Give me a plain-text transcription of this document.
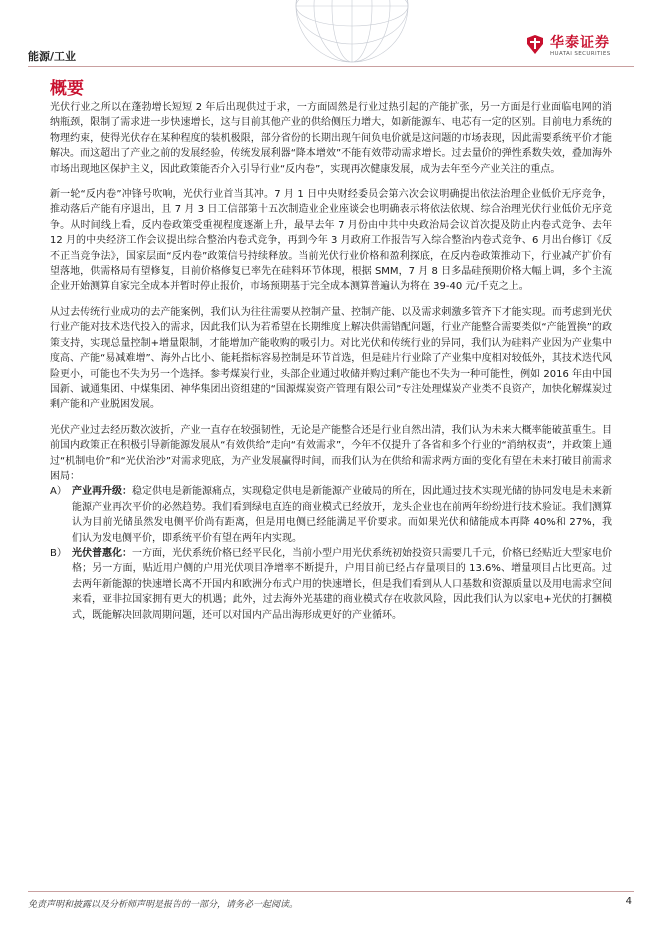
能源/工业
华泰证券
HUATAI SECURITIES
概要

光伏行业之所以在蓬勃增长短短 2 年后出现供过于求，一方面固然是行业过热引起的产能扩张，另一方面是行业面临电网的消纳瓶颈，限制了需求进一步快速增长，这与目前其他产业的供给侧压力增大，如新能源车、电芯有一定的区别。目前电力系统的物理约束，使得光伏存在某种程度的装机极限，部分省份的长期出现午间负电价就是这问题的市场表现，因此需要系统平价才能解决。而这超出了产业之前的发展经验，传统发展利器“降本增效”不能有效带动需求增长。过去量价的弹性系数失效，叠加海外市场出现地区保护主义，因此政策能否介入引导行业“反内卷”，实现再次健康发展，成为去年至今产业关注的重点。

新一轮“反内卷”冲锋号吹响，光伏行业首当其冲。7 月 1 日中央财经委员会第六次会议明确提出依法治理企业低价无序竞争，推动落后产能有序退出，且 7 月 3 日工信部第十五次制造业企业座谈会也明确表示将依法依规、综合治理光伏行业低价无序竞争。从时间线上看，反内卷政策受重视程度逐渐上升，最早去年 7 月份由中共中央政治局会议首次提及防止内卷式竞争、去年 12 月的中央经济工作会议提出综合整治内卷式竞争，再到今年 3 月政府工作报告写入综合整治内卷式竞争、6 月出台修订《反不正当竞争法》，国家层面“反内卷”政策信号持续释放。当前光伏行业价格和盈利探底，在反内卷政策推动下，行业减产扩价有望落地，供需格局有望修复，目前价格修复已率先在硅料环节体现，根据 SMM，7 月 8 日多晶硅预期价格大幅上调，多个主流企业开始测算自家完全成本并暂时停止报价，市场预期基于完全成本测算普遍认为将在 39-40 元/千克之上。

从过去传统行业成功的去产能案例，我们认为往往需要从控制产量、控制产能、以及需求刺激多管齐下才能实现。而考虑到光伏行业产能对技术迭代投入的需求，因此我们认为若希望在长期维度上解决供需错配问题，行业产能整合需要类似“产能置换”的政策支持，实现总量控制+增量限制，才能增加产能收购的吸引力。对比光伏和传统行业的异同，我们认为硅料产业因为产业集中度高、产能“易减难增”、海外占比小、能耗指标容易控制是环节首选，但是硅片行业除了产业集中度相对较低外，其技术迭代风险更小，可能也不失为另一个选择。参考煤炭行业，头部企业通过收储并购过剩产能也不失为一种可能性，例如 2016 年由中国国新、诚通集团、中煤集团、神华集团出资组建的“国源煤炭资产管理有限公司”专注处理煤炭产业类不良资产，加快化解煤炭过剩产能和产业脱困发展。

光伏产业过去经历数次波折，产业一直存在较强韧性，无论是产能整合还是行业自然出清，我们认为未来大概率能破茧重生。目前国内政策正在积极引导新能源发展从“有效供给”走向“有效需求”，今年不仅提升了各省和多个行业的“消纳权责”，并政策上通过“机制电价”和“光伏治沙”对需求兜底，为产业发展赢得时间，而我们认为在供给和需求两方面的变化有望在未来打破目前需求困局：

A） 产业再升级：稳定供电是新能源痛点，实现稳定供电是新能源产业破局的所在，因此通过技术实现光储的协同发电是未来新能源产业再次平价的必然趋势。我们看到绿电直连的商业模式已经放开，龙头企业也在前两年纷纷进行技术验证。我们测算认为目前光储虽然发电侧平价尚有距离，但是用电侧已经能满足平价要求。而如果光伏和储能成本再降 40%和 27%，我们认为发电侧平价，即系统平价有望在两年内实现。
B） 光伏普惠化：一方面，光伏系统价格已经平民化，当前小型户用光伏系统初始投资只需要几千元，价格已经贴近大型家电价格；另一方面，贴近用户侧的户用光伏项目净增率不断提升，户用目前已经占存量项目的 13.6%、增量项目占比更高。过去两年新能源的快速增长离不开国内和欧洲分布式户用的快速增长，但是我们看到从人口基数和资源质量以及用电需求空间来看，亚非拉国家拥有更大的机遇；此外，过去海外光基建的商业模式存在收款风险，因此我们认为以家电+光伏的打捆模式，既能解决回款周期问题，还可以对国内产品出海形成更好的产业循环。
免责声明和披露以及分析师声明是报告的一部分，请务必一起阅读。	4
